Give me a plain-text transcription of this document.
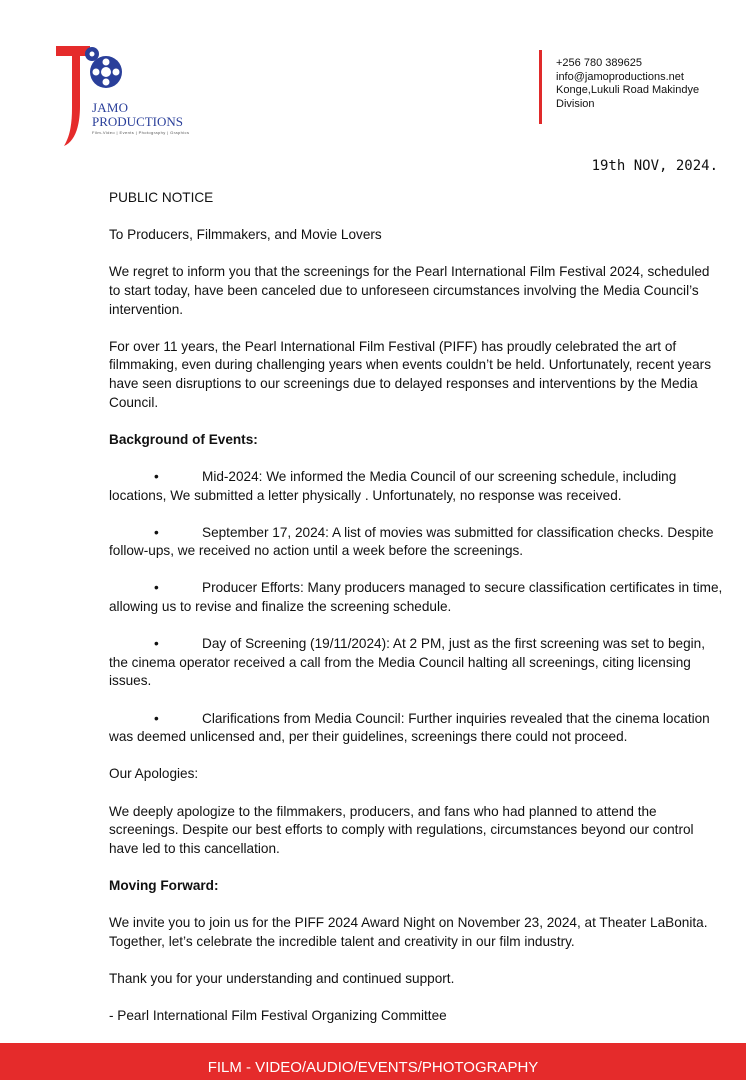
JAMO
PRODUCTIONS
Film-Video | Events | Photography | Graphics
+256 780 389625
info@jamoproductions.net
Konge,Lukuli Road Makindye
Division
19th NOV, 2024.

PUBLIC NOTICE

To Producers, Filmmakers, and Movie Lovers

We regret to inform you that the screenings for the Pearl International Film Festival 2024, scheduled to start today, have been canceled due to unforeseen circumstances involving the Media Council’s intervention.

For over 11 years, the Pearl International Film Festival (PIFF) has proudly celebrated the art of filmmaking, even during challenging years when events couldn’t be held. Unfortunately, recent years have seen disruptions to our screenings due to delayed responses and interventions by the Media Council.

Background of Events:

•	Mid-2024: We informed the Media Council of our screening schedule, including locations, We submitted a letter physically . Unfortunately, no response was received.

•	September 17, 2024: A list of movies was submitted for classification checks. Despite follow-ups, we received no action until a week before the screenings.

•	Producer Efforts: Many producers managed to secure classification certificates in time, allowing us to revise and finalize the screening schedule.

•	Day of Screening (19/11/2024): At 2 PM, just as the first screening was set to begin, the cinema operator received a call from the Media Council halting all screenings, citing licensing issues.

•	Clarifications from Media Council: Further inquiries revealed that the cinema location was deemed unlicensed and, per their guidelines, screenings there could not proceed.

Our Apologies:

We deeply apologize to the filmmakers, producers, and fans who had planned to attend the screenings. Despite our best efforts to comply with regulations, circumstances beyond our control have led to this cancellation.

Moving Forward:

We invite you to join us for the PIFF 2024 Award Night on November 23, 2024, at Theater LaBonita. Together, let’s celebrate the incredible talent and creativity in our film industry.

Thank you for your understanding and continued support.

- Pearl International Film Festival Organizing Committee

FILM - VIDEO/AUDIO/EVENTS/PHOTOGRAPHY
